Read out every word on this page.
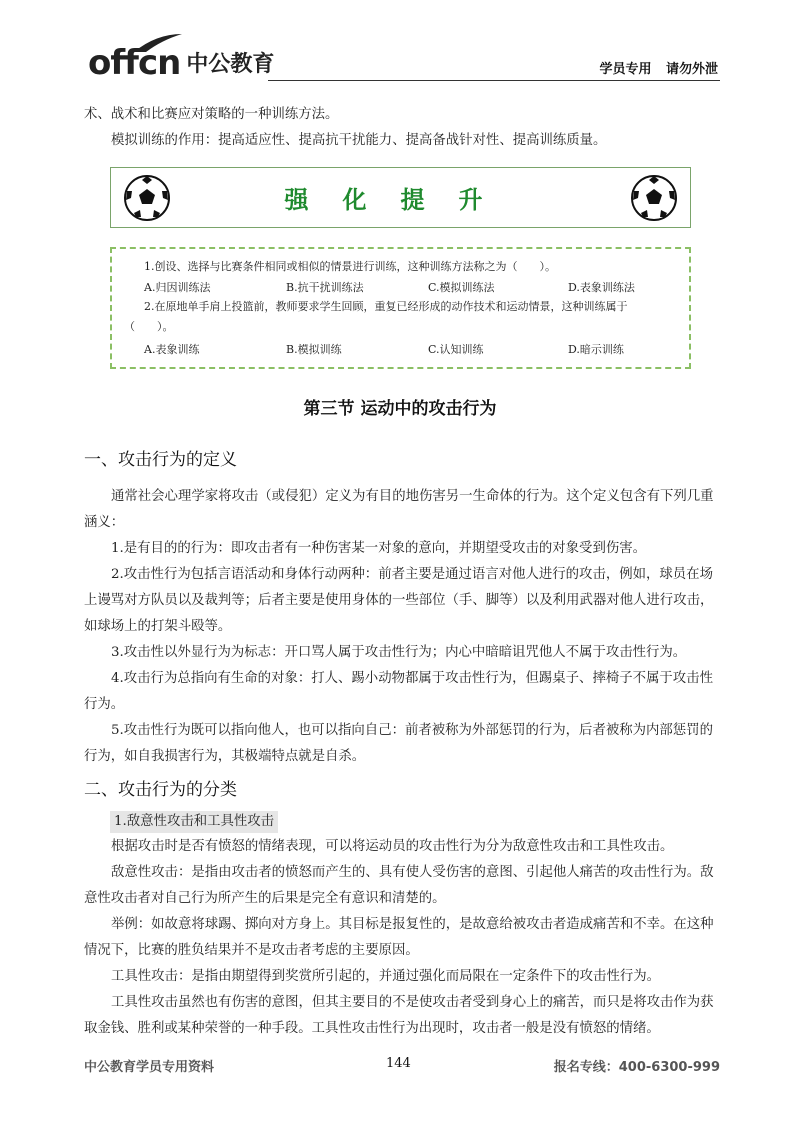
offcn 中公教育	学员专用 请勿外泄
术、战术和比赛应对策略的一种训练方法。
模拟训练的作用：提高适应性、提高抗干扰能力、提高备战针对性、提高训练质量。
强化提升
1.创设、选择与比赛条件相同或相似的情景进行训练，这种训练方法称之为（　　）。
A.归因训练法	B.抗干扰训练法	C.模拟训练法	D.表象训练法
2.在原地单手肩上投篮前，教师要求学生回顾，重复已经形成的动作技术和运动情景，这种训练属于
（　　）。
A.表象训练	B.模拟训练	C.认知训练	D.暗示训练
第三节 运动中的攻击行为
一、攻击行为的定义
通常社会心理学家将攻击（或侵犯）定义为有目的地伤害另一生命体的行为。这个定义包含有下列几重涵义：
1.是有目的的行为：即攻击者有一种伤害某一对象的意向，并期望受攻击的对象受到伤害。
2.攻击性行为包括言语活动和身体行动两种：前者主要是通过语言对他人进行的攻击，例如，球员在场上谩骂对方队员以及裁判等；后者主要是使用身体的一些部位（手、脚等）以及利用武器对他人进行攻击，如球场上的打架斗殴等。
3.攻击性以外显行为为标志：开口骂人属于攻击性行为；内心中暗暗诅咒他人不属于攻击性行为。
4.攻击行为总指向有生命的对象：打人、踢小动物都属于攻击性行为，但踢桌子、摔椅子不属于攻击性行为。
5.攻击性行为既可以指向他人，也可以指向自己：前者被称为外部惩罚的行为，后者被称为内部惩罚的行为，如自我损害行为，其极端特点就是自杀。
二、攻击行为的分类
1.敌意性攻击和工具性攻击
根据攻击时是否有愤怒的情绪表现，可以将运动员的攻击性行为分为敌意性攻击和工具性攻击。
敌意性攻击：是指由攻击者的愤怒而产生的、具有使人受伤害的意图、引起他人痛苦的攻击性行为。敌意性攻击者对自己行为所产生的后果是完全有意识和清楚的。
举例：如故意将球踢、掷向对方身上。其目标是报复性的，是故意给被攻击者造成痛苦和不幸。在这种情况下，比赛的胜负结果并不是攻击者考虑的主要原因。
工具性攻击：是指由期望得到奖赏所引起的，并通过强化而局限在一定条件下的攻击性行为。
工具性攻击虽然也有伤害的意图，但其主要目的不是使攻击者受到身心上的痛苦，而只是将攻击作为获取金钱、胜利或某种荣誉的一种手段。工具性攻击性行为出现时，攻击者一般是没有愤怒的情绪。
中公教育学员专用资料	144	报名专线：400-6300-999
